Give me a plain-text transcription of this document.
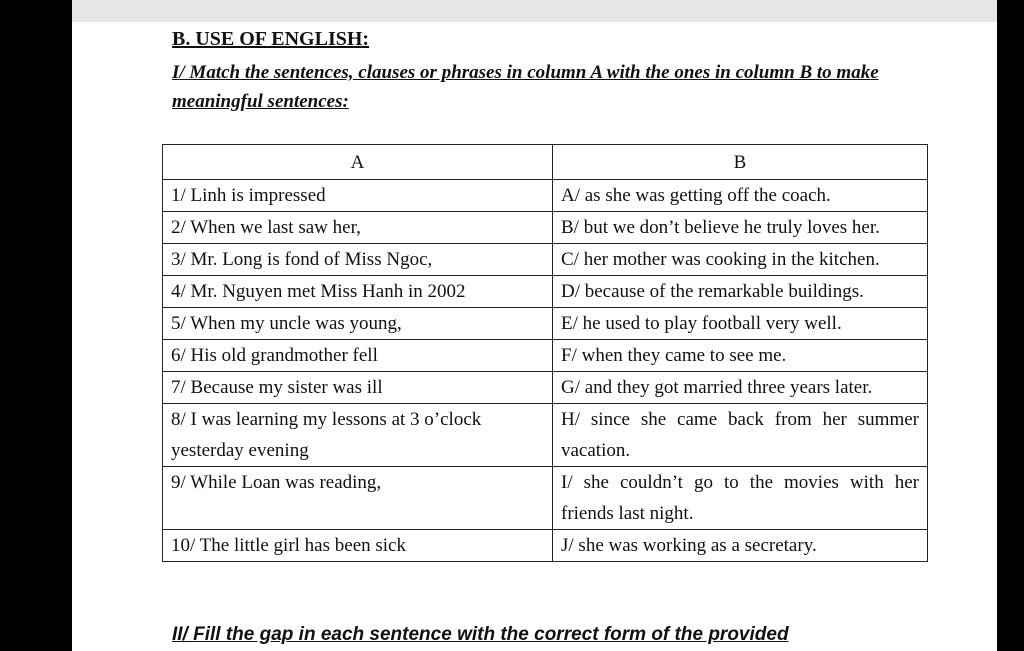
B. USE OF ENGLISH:

I/ Match the sentences, clauses or phrases in column A with the ones in column B to make meaningful sentences:

A	B
1/ Linh is impressed	A/ as she was getting off the coach.
2/ When we last saw her,	B/ but we don’t believe he truly loves her.
3/ Mr. Long is fond of Miss Ngoc,	C/ her mother was cooking in the kitchen.
4/ Mr. Nguyen met Miss Hanh in 2002	D/ because of the remarkable buildings.
5/ When my uncle was young,	E/ he used to play football very well.
6/ His old grandmother fell	F/ when they came to see me.
7/ Because my sister was ill	G/ and they got married three years later.
8/ I was learning my lessons at 3 o’clock yesterday evening	H/ since she came back from her summer vacation.
9/ While Loan was reading,	I/ she couldn’t go to the movies with her friends last night.
10/ The little girl has been sick	J/ she was working as a secretary.

II/ Fill the gap in each sentence with the correct form of the provided
